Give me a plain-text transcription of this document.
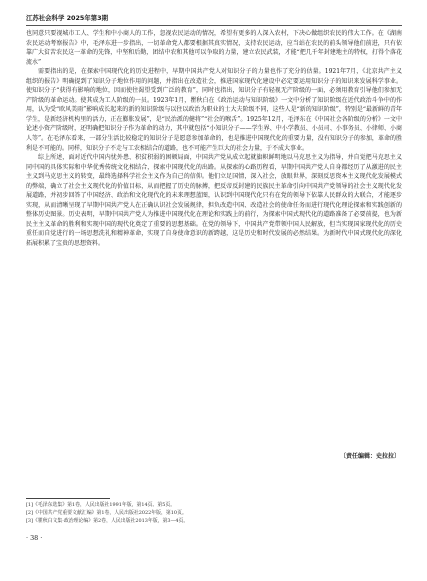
江苏社会科学 2025年第3期

也同意只要视城市工人、学生和中小商人的工作，忽视农民运动的情况，希望有更多的人深入农村，下决心做组织农民的伟大工作。在《湖南农民运动考察报告》中，毛泽东进一步指出，一切革命党人都要根据其真实情况，支持农民运动，应当站在农民的前头领导他们前进，只有依靠广大贫苦农民这一革命的先锋，中坚和后勤，团结中农和其他可以争取的力量，建立农民武装，才能“把几千年封建地主的特权，打得个落花流水”

需要指出的是，在探索中国现代化的历史进程中，早期中国共产党人对知识分子的力量也作了充分的估量。1921年7月，《北京共产主义组织的报告》明确提到了知识分子地位作用的问题，并指出在改造社会，推进国家现代化建设中必定要运用知识分子的知识来发展科学事业。使知识分子“获得有影响的地位，因而使往渴望受到广泛的教育”，同时也指出，知识分子有轻视无产阶级的一面，必须用教育引导他们参加无产阶级的革命运动。使其成为工人阶级的一员。1923年1月，瞿秋白在《政治运动与知识阶级》一文中分析了知识阶级在近代政治斗争中的作用，认为受“欧风美雨”影响成长起来的新的知识阶级与以往以政治为职业的士大夫阶级不同，这些人是“新的知识阶级”，特别是“最新鲜的青年学生，是新经济机构里的活力，正在膨胀发展”，是“民治派的健将”“社会的喉舌”。1925年12月，毛泽东在《中国社会各阶级的分析》一文中论述小资产阶级时，还明确把知识分子作为革命的动力，其中就包括“小知识分子——学生界、中小学教员、小员司、小事务员、小律师、小商人等”。在毛泽东看来，一部分生活比较稳定的知识分子是愿意参加革命的，也是推进中国现代化的重要力量，没有知识分子的参加，革命的胜利是不可能的。同样，知识分子不走与工农相结合的道路，也不可能产生巨大的社会力量，于不成大事业。

综上所述，面对近代中国内忧外患、积贫积弱的困顿局面，中国共产党从成立起就旗帜鲜明地以马克思主义为指导，并自觉把马克思主义同中国的具体实际和中华优秀传统文化相结合，探索中国现代化的出路。从探索的心路历程看，早期中国共产党人自身都经历了从激进的民主主义到马克思主义的转变，最终选择科学社会主义作为自己的信仰。他们立足国情，深入社会，放眼世界，深刻反思资本主义现代化发展模式的弊端，确立了社会主义现代化的价值目标，从而把握了历史的脉搏，把反帝反封建的民族民主革命引向中国共产党领导的社会主义现代化发展道路，并初步回答了中国经济、政治和文化现代化的未来理想蓝图，认识到中国现代化只有在党的领导下依靠人民群众的大联合，才能逐步实现，从而清晰呈现了早期中国共产党人在正确认识社会发展规律，担负改造中国、改造社会的使命任务而进行现代化理论探索和实践创新的整体历史图景。历史表明，早期中国共产党人为推进中国现代化在理论和实践上的前行，为探索中国式现代化的道路准备了必要前提，也为新民主主义革命的胜利和实现中国的现代化奠定了重要的思想基础。在党的领导下，中国共产党带领中国人民解放，但当实现国家现代化的历史重任而自觉进行的一场思想洗礼和精神革命，实现了自身使命意识的新跨越，这是历史和时代发展的必然结果。为新时代中国式现代化的深化拓展积累了宝贵的思想资料。

〔责任编辑：史拉拉〕
[1]《毛泽东选集》第1卷，人民出版社1991年版，第14页、第5页。
[2]《中国共产党重要文献汇编》第1卷，人民出版社2022年版，第10页。
[3]《瞿秋白文集·政治理论编》第2卷，人民出版社2013年版，第3—4页。
· 38 ·
